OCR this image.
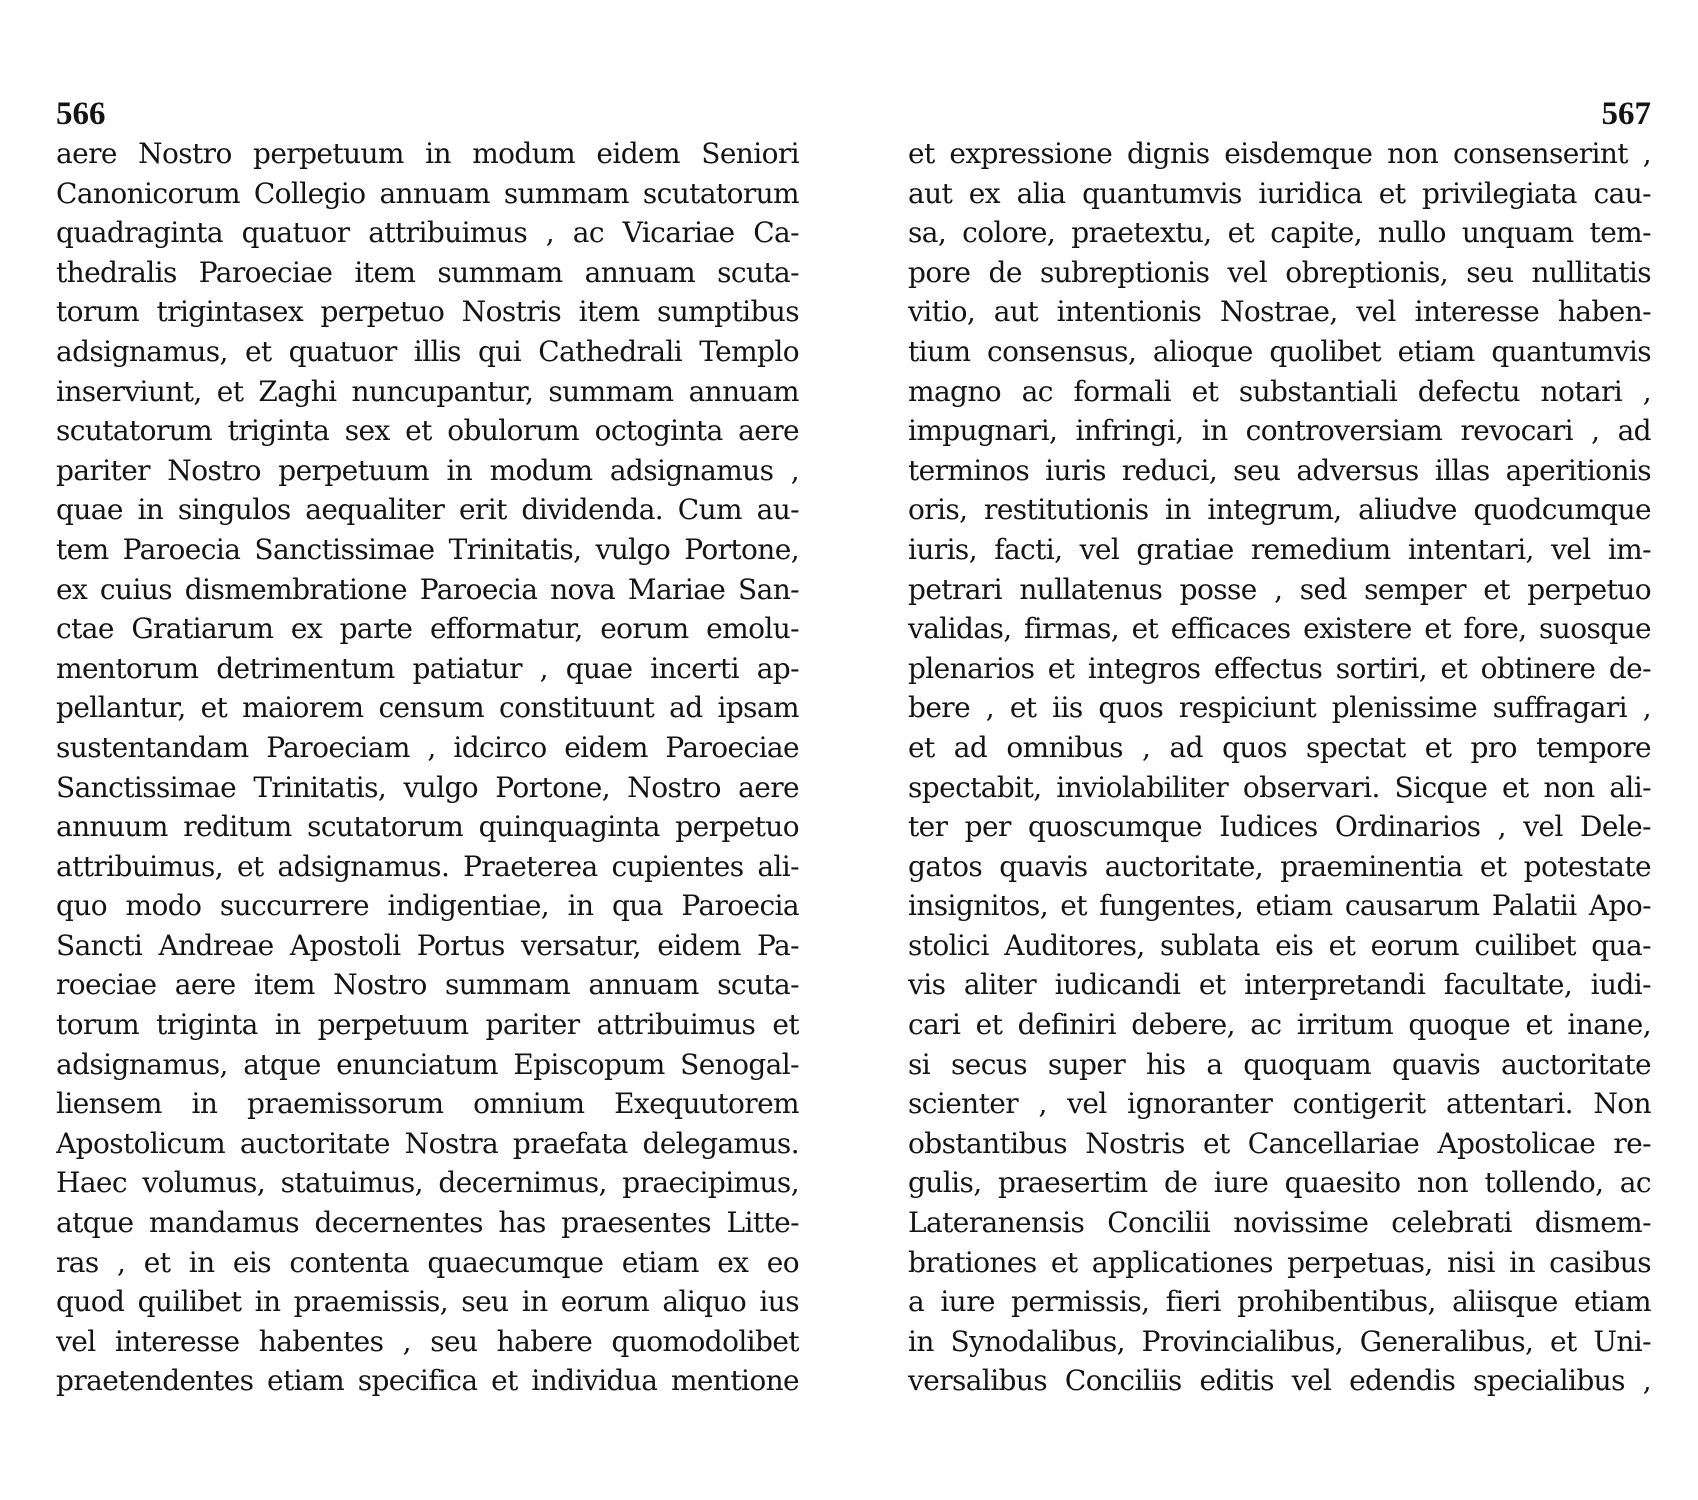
566
aere Nostro perpetuum in modum eidem Seniori
Canonicorum Collegio annuam summam scutatorum
quadraginta quatuor attribuimus , ac Vicariae Ca-
thedralis Paroeciae item summam annuam scuta-
torum trigintasex perpetuo Nostris item sumptibus
adsignamus, et quatuor illis qui Cathedrali Templo
inserviunt, et Zaghi nuncupantur, summam annuam
scutatorum triginta sex et obulorum octoginta aere
pariter Nostro perpetuum in modum adsignamus ,
quae in singulos aequaliter erit dividenda. Cum au-
tem Paroecia Sanctissimae Trinitatis, vulgo Portone,
ex cuius dismembratione Paroecia nova Mariae San-
ctae Gratiarum ex parte efformatur, eorum emolu-
mentorum detrimentum patiatur , quae incerti ap-
pellantur, et maiorem censum constituunt ad ipsam
sustentandam Paroeciam , idcirco eidem Paroeciae
Sanctissimae Trinitatis, vulgo Portone, Nostro aere
annuum reditum scutatorum quinquaginta perpetuo
attribuimus, et adsignamus. Praeterea cupientes ali-
quo modo succurrere indigentiae, in qua Paroecia
Sancti Andreae Apostoli Portus versatur, eidem Pa-
roeciae aere item Nostro summam annuam scuta-
torum triginta in perpetuum pariter attribuimus et
adsignamus, atque enunciatum Episcopum Senogal-
liensem in praemissorum omnium Exequutorem
Apostolicum auctoritate Nostra praefata delegamus.
Haec volumus, statuimus, decernimus, praecipimus,
atque mandamus decernentes has praesentes Litte-
ras , et in eis contenta quaecumque etiam ex eo
quod quilibet in praemissis, seu in eorum aliquo ius
vel interesse habentes , seu habere quomodolibet
praetendentes etiam specifica et individua mentione
567
et expressione dignis eisdemque non consenserint ,
aut ex alia quantumvis iuridica et privilegiata cau-
sa, colore, praetextu, et capite, nullo unquam tem-
pore de subreptionis vel obreptionis, seu nullitatis
vitio, aut intentionis Nostrae, vel interesse haben-
tium consensus, alioque quolibet etiam quantumvis
magno ac formali et substantiali defectu notari ,
impugnari, infringi, in controversiam revocari , ad
terminos iuris reduci, seu adversus illas aperitionis
oris, restitutionis in integrum, aliudve quodcumque
iuris, facti, vel gratiae remedium intentari, vel im-
petrari nullatenus posse , sed semper et perpetuo
validas, firmas, et efficaces existere et fore, suosque
plenarios et integros effectus sortiri, et obtinere de-
bere , et iis quos respiciunt plenissime suffragari ,
et ad omnibus , ad quos spectat et pro tempore
spectabit, inviolabiliter observari. Sicque et non ali-
ter per quoscumque Iudices Ordinarios , vel Dele-
gatos quavis auctoritate, praeminentia et potestate
insignitos, et fungentes, etiam causarum Palatii Apo-
stolici Auditores, sublata eis et eorum cuilibet qua-
vis aliter iudicandi et interpretandi facultate, iudi-
cari et definiri debere, ac irritum quoque et inane,
si secus super his a quoquam quavis auctoritate
scienter , vel ignoranter contigerit attentari. Non
obstantibus Nostris et Cancellariae Apostolicae re-
gulis, praesertim de iure quaesito non tollendo, ac
Lateranensis Concilii novissime celebrati dismem-
brationes et applicationes perpetuas, nisi in casibus
a iure permissis, fieri prohibentibus, aliisque etiam
in Synodalibus, Provincialibus, Generalibus, et Uni-
versalibus Conciliis editis vel edendis specialibus ,
